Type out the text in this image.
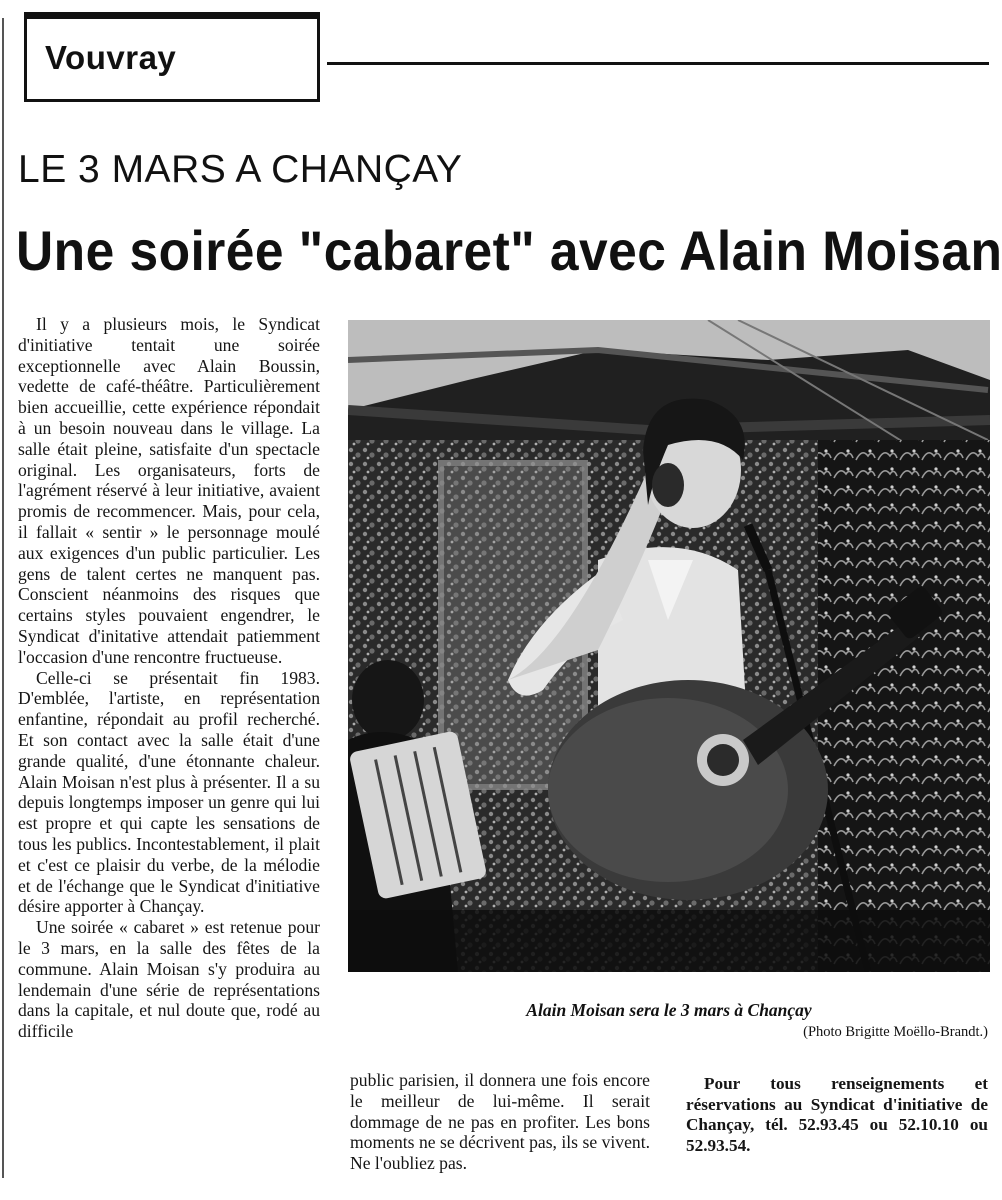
Vouvray
LE 3 MARS A CHANÇAY
Une soirée "cabaret" avec Alain Moisan

Il y a plusieurs mois, le Syndicat d'initiative tentait une soirée exceptionnelle avec Alain Boussin, vedette de café-théâtre. Particulièrement bien accueillie, cette expérience répondait à un besoin nouveau dans le village. La salle était pleine, satisfaite d'un spectacle original. Les organisateurs, forts de l'agrément réservé à leur initiative, avaient promis de recommencer. Mais, pour cela, il fallait « sentir » le personnage moulé aux exigences d'un public particulier. Les gens de talent certes ne manquent pas. Conscient néanmoins des risques que certains styles pouvaient engendrer, le Syndicat d'initative attendait patiemment l'occasion d'une rencontre fructueuse.

Celle-ci se présentait fin 1983. D'emblée, l'artiste, en représentation enfantine, répondait au profil recherché. Et son contact avec la salle était d'une grande qualité, d'une étonnante chaleur. Alain Moisan n'est plus à présenter. Il a su depuis longtemps imposer un genre qui lui est propre et qui capte les sensations de tous les publics. Incontestablement, il plait et c'est ce plaisir du verbe, de la mélodie et de l'échange que le Syndicat d'initiative désire apporter à Chançay.

Une soirée « cabaret » est retenue pour le 3 mars, en la salle des fêtes de la commune. Alain Moisan s'y produira au lendemain d'une série de représentations dans la capitale, et nul doute que, rodé au difficile

Alain Moisan sera le 3 mars à Chançay
(Photo Brigitte Moëllo-Brandt.)

public parisien, il donnera une fois encore le meilleur de lui-même. Il serait dommage de ne pas en profiter. Les bons moments ne se décrivent pas, ils se vivent. Ne l'oubliez pas.

Pour tous renseignements et réservations au Syndicat d'initiative de Chançay, tél. 52.93.45 ou 52.10.10 ou 52.93.54.
